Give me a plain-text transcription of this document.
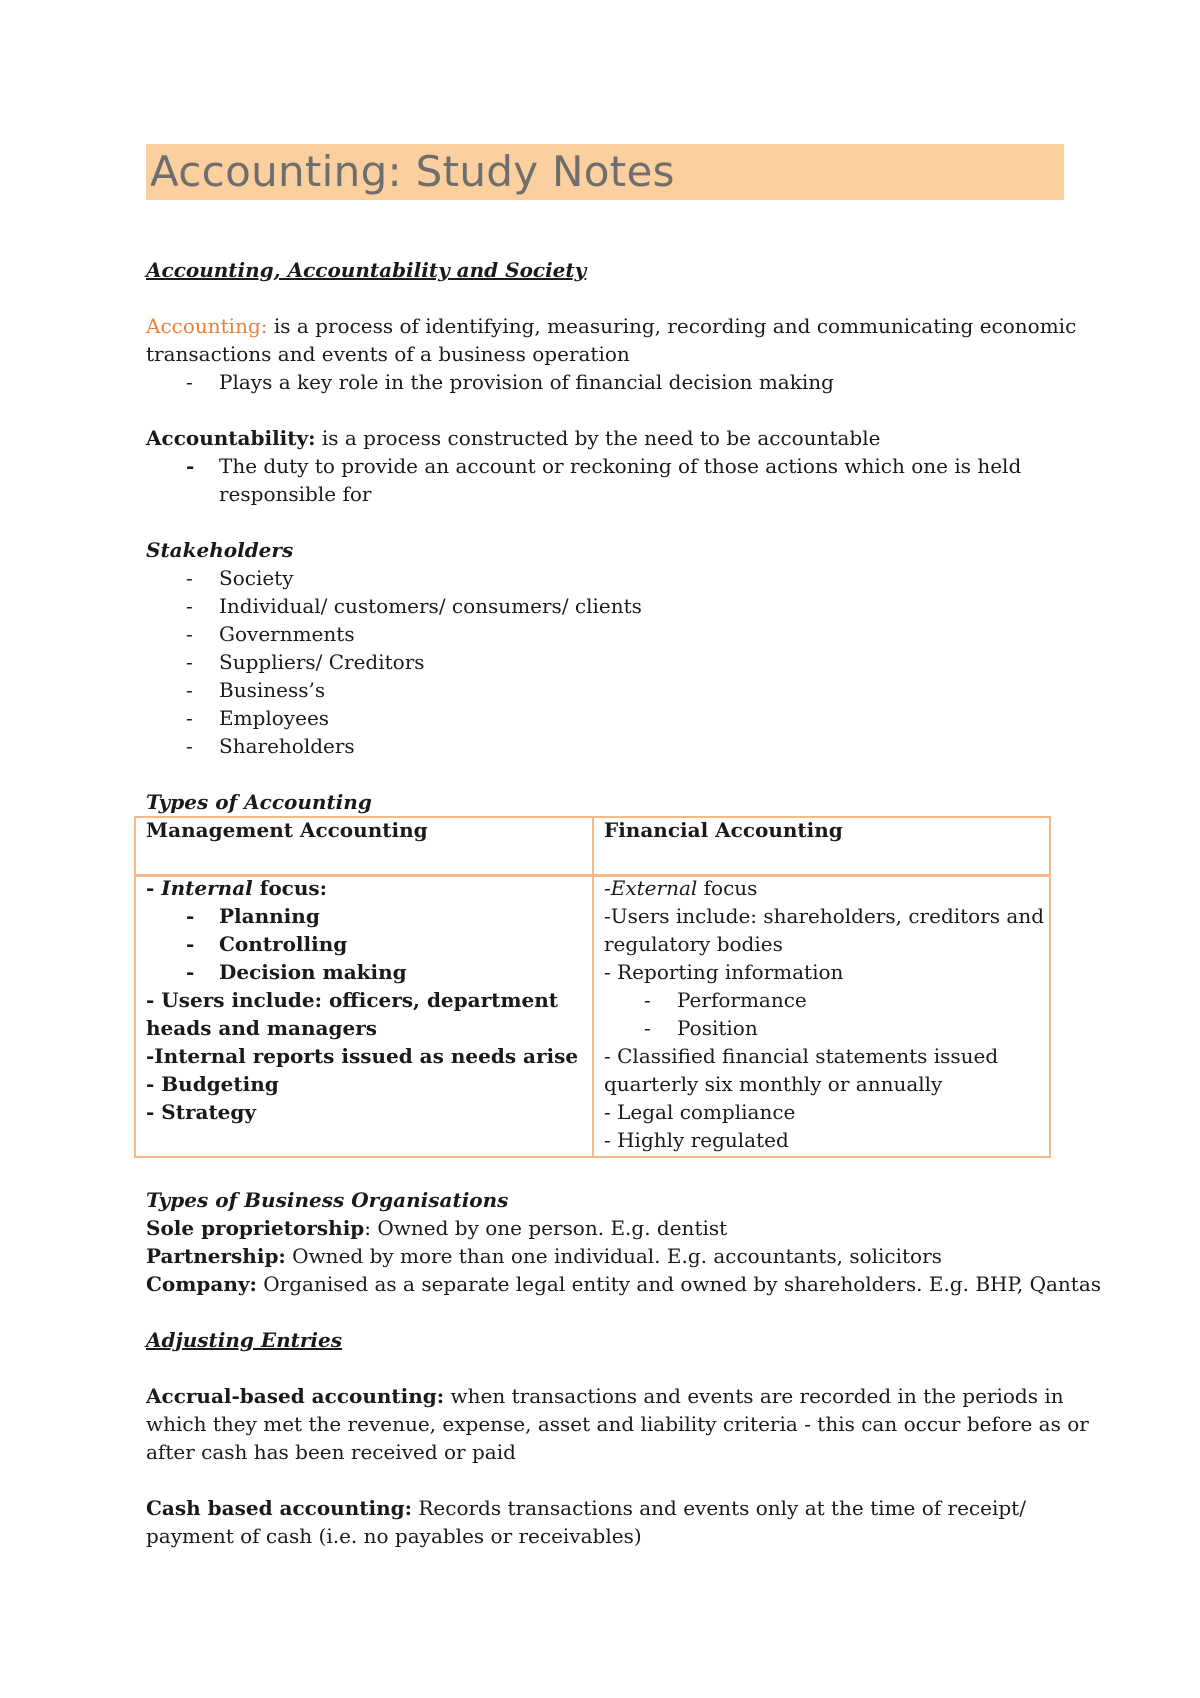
Accounting: Study Notes
Accounting, Accountability and Society
Accounting: is a process of identifying, measuring, recording and communicating economic
transactions and events of a business operation
- Plays a key role in the provision of financial decision making
Accountability: is a process constructed by the need to be accountable
- The duty to provide an account or reckoning of those actions which one is held
responsible for
Stakeholders
- Society
- Individual/ customers/ consumers/ clients
- Governments
- Suppliers/ Creditors
- Business’s
- Employees
- Shareholders
Types of Accounting
Management Accounting	Financial Accounting
- Internal focus:
- Planning
- Controlling
- Decision making
- Users include: officers, department
heads and managers
-Internal reports issued as needs arise
- Budgeting
- Strategy
-External focus
-Users include: shareholders, creditors and
regulatory bodies
- Reporting information
- Performance
- Position
- Classified financial statements issued
quarterly six monthly or annually
- Legal compliance
- Highly regulated
Types of Business Organisations
Sole proprietorship: Owned by one person. E.g. dentist
Partnership: Owned by more than one individual. E.g. accountants, solicitors
Company: Organised as a separate legal entity and owned by shareholders. E.g. BHP, Qantas
Adjusting Entries
Accrual-based accounting: when transactions and events are recorded in the periods in
which they met the revenue, expense, asset and liability criteria - this can occur before as or
after cash has been received or paid
Cash based accounting: Records transactions and events only at the time of receipt/
payment of cash (i.e. no payables or receivables)
